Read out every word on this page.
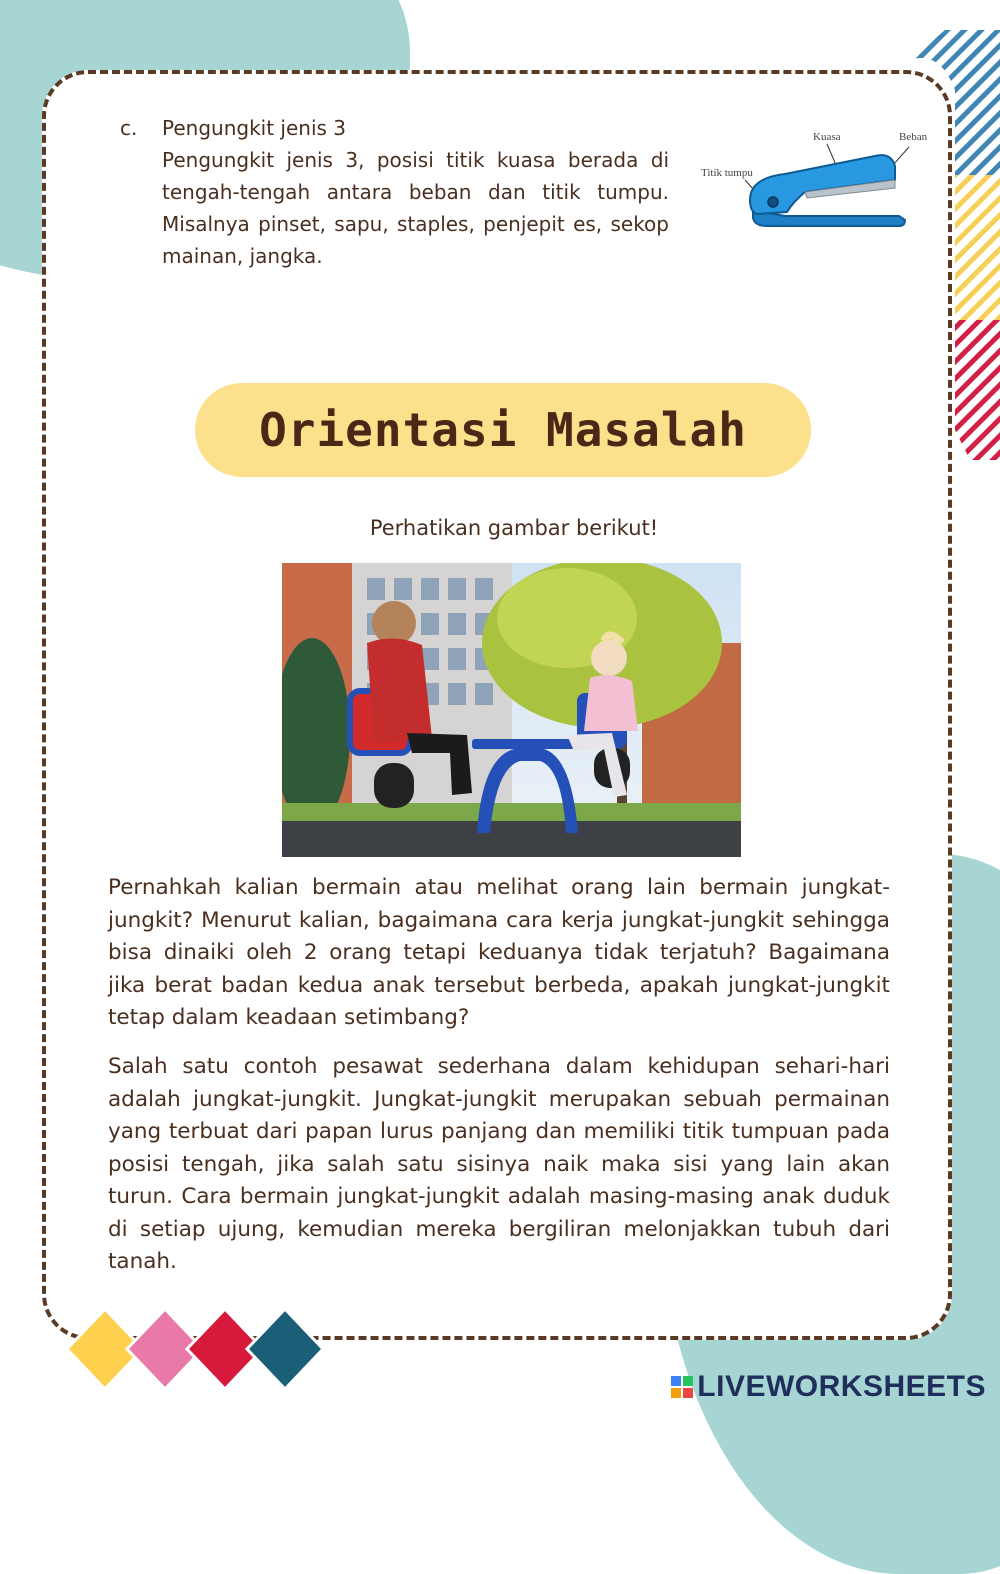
c. Pengungkit jenis 3
Pengungkit jenis 3, posisi titik kuasa berada di tengah-tengah antara beban dan titik tumpu. Misalnya pinset, sapu, staples, penjepit es, sekop mainan, jangka.
Kuasa	Beban
Titik tumpu
Orientasi Masalah
Perhatikan gambar berikut!
Pernahkah kalian bermain atau melihat orang lain bermain jungkat-jungkit? Menurut kalian, bagaimana cara kerja jungkat-jungkit sehingga bisa dinaiki oleh 2 orang tetapi keduanya tidak terjatuh? Bagaimana jika berat badan kedua anak tersebut berbeda, apakah jungkat-jungkit tetap dalam keadaan setimbang?
Salah satu contoh pesawat sederhana dalam kehidupan sehari-hari adalah jungkat-jungkit. Jungkat-jungkit merupakan sebuah permainan yang terbuat dari papan lurus panjang dan memiliki titik tumpuan pada posisi tengah, jika salah satu sisinya naik maka sisi yang lain akan turun. Cara bermain jungkat-jungkit adalah masing-masing anak duduk di setiap ujung, kemudian mereka bergiliran melonjakkan tubuh dari tanah.
LIVEWORKSHEETS
